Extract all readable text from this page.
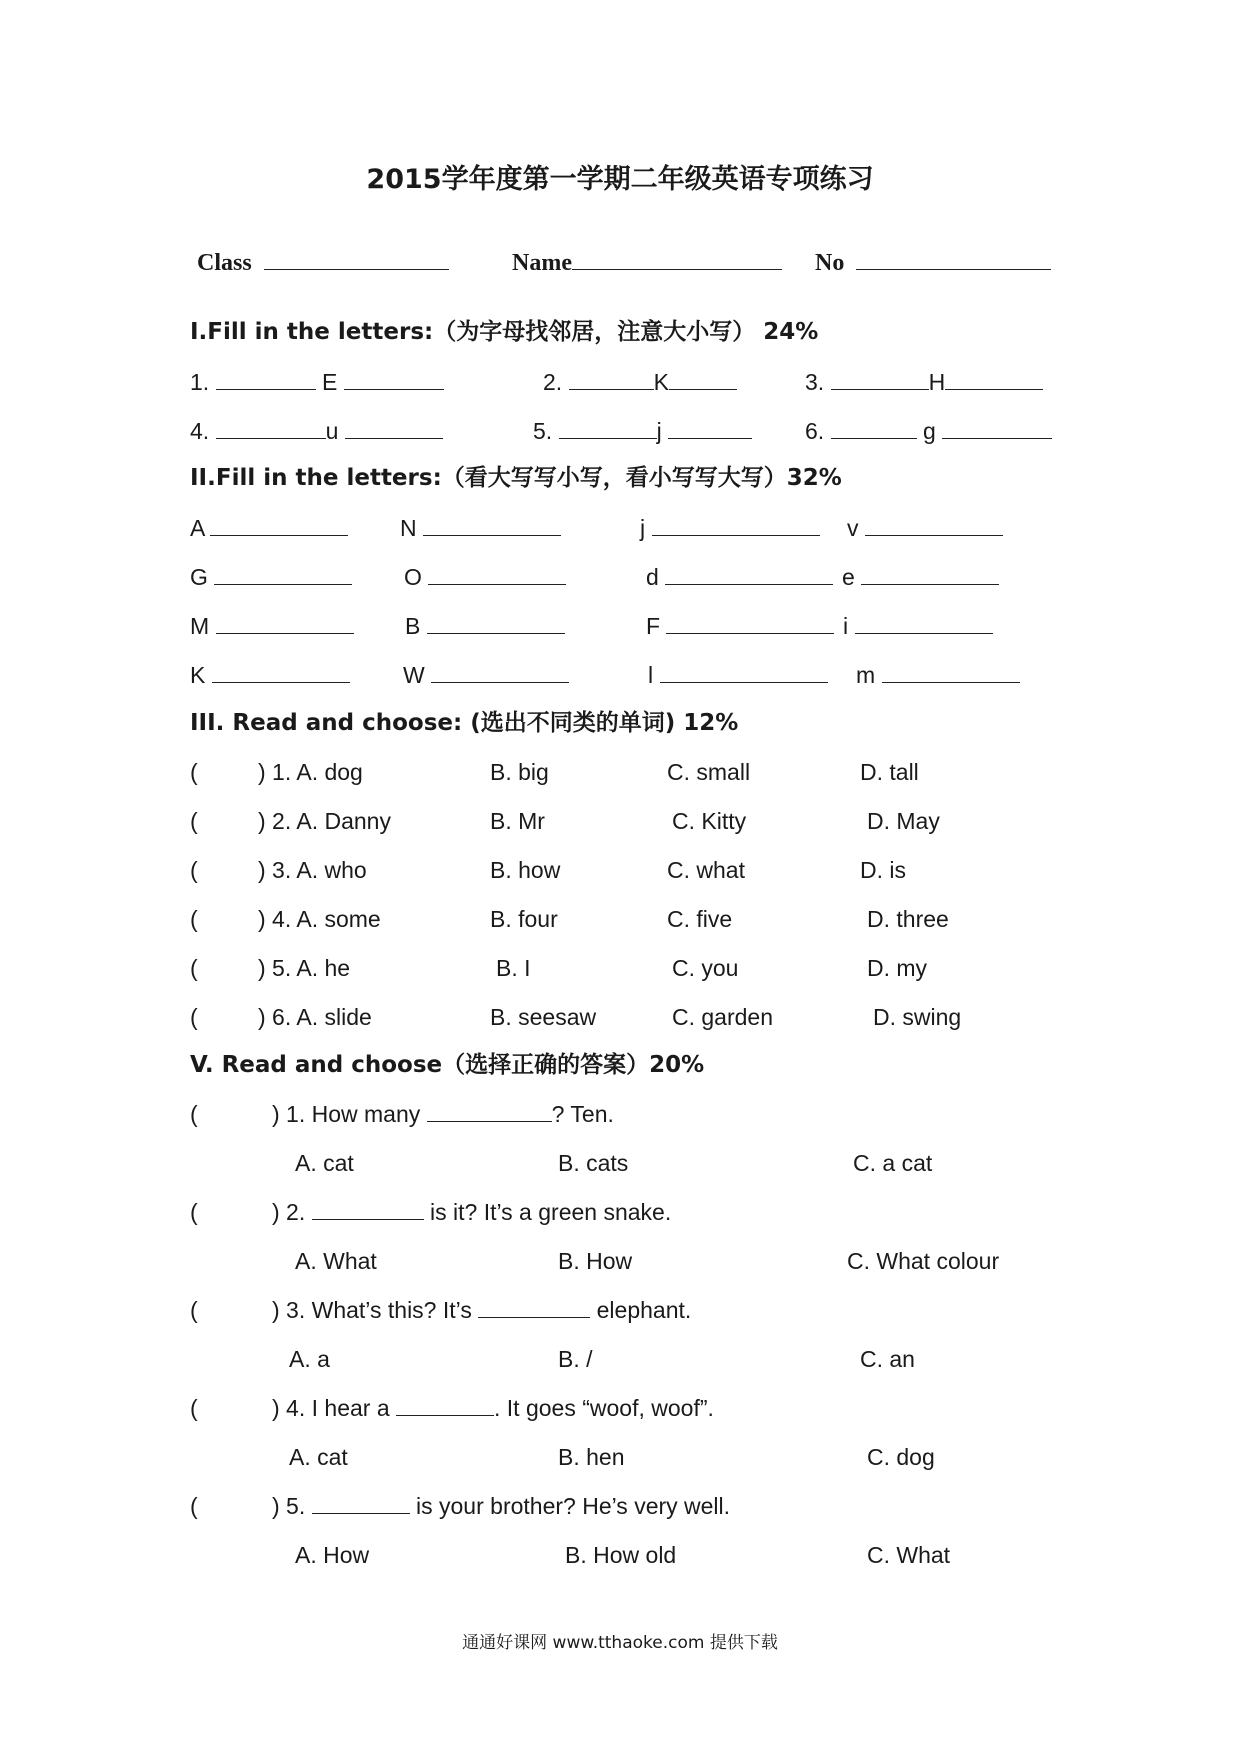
2015学年度第一学期二年级英语专项练习
Class	Name	No
I.Fill in the letters:（为字母找邻居，注意大小写） 24%
1.	E	2.	K	3.	H
4.	u	5.	j	6.	g
II.Fill in the letters:（看大写写小写，看小写写大写）32%
A	N	j	v
G	O	d	e
M	B	F	i
K	W	l	m
III. Read and choose: (选出不同类的单词) 12%
(	) 1. A. dog	B. big	C. small	D. tall
(	) 2. A. Danny	B. Mr	C. Kitty	D. May
(	) 3. A. who	B. how	C. what	D. is
(	) 4. A. some	B. four	C. five	D. three
(	) 5. A. he	B. I	C. you	D. my
(	) 6. A. slide	B. seesaw	C. garden	D. swing
V. Read and choose（选择正确的答案）20%
(	) 1. How many	? Ten.
A. cat	B. cats	C. a cat
(	) 2.	is it? It’s a green snake.
A. What	B. How	C. What colour
(	) 3. What’s this? It’s	elephant.
A. a	B. /	C. an
(	) 4. I hear a	. It goes “woof, woof”.
A. cat	B. hen	C. dog
(	) 5.	is your brother? He’s very well.
A. How	B. How old	C. What
通通好课网 www.tthaoke.com 提供下载
